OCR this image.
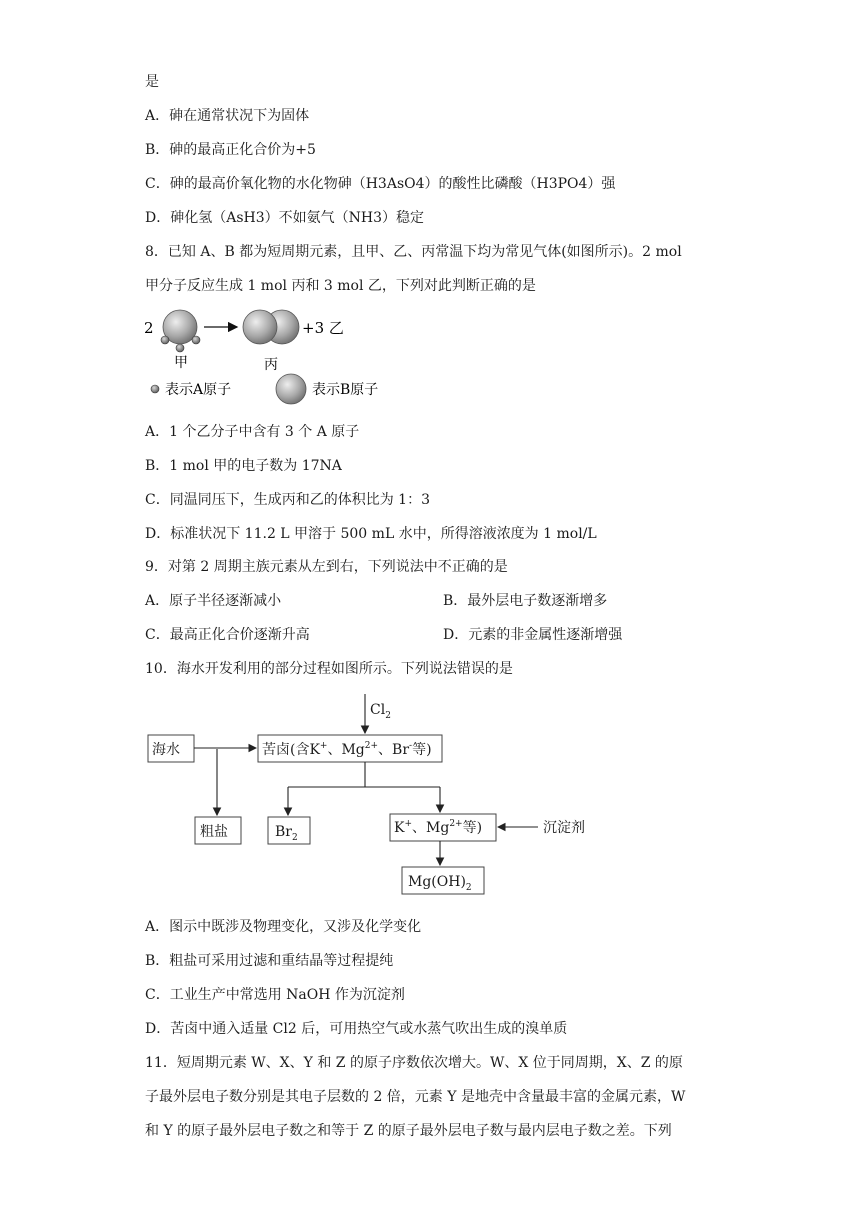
是
A．砷在通常状况下为固体
B．砷的最高正化合价为+5
C．砷的最高价氧化物的水化物砷（H3AsO4）的酸性比磷酸（H3PO4）强
D．砷化氢（AsH3）不如氨气（NH3）稳定
8．已知 A、B 都为短周期元素，且甲、乙、丙常温下均为常见气体(如图所示)。2 mol
甲分子反应生成 1 mol 丙和 3 mol 乙，下列对此判断正确的是
2	+3 乙
甲	丙
表示A原子	表示B原子
A．1 个乙分子中含有 3 个 A 原子
B．1 mol 甲的电子数为 17NA
C．同温同压下，生成丙和乙的体积比为 1：3
D．标准状况下 11.2 L 甲溶于 500 mL 水中，所得溶液浓度为 1 mol/L
9．对第 2 周期主族元素从左到右，下列说法中不正确的是
A．原子半径逐渐减小	B．最外层电子数逐渐增多
C．最高正化合价逐渐升高	D．元素的非金属性逐渐增强
10．海水开发利用的部分过程如图所示。下列说法错误的是
海水
$Cl_2$
苦卤(含K+、$Mg^{2+}$、Br-等)
粗盐	$Br_2$
K+、$Mg^{2+}$等)	沉淀剂
$Mg(OH)_2$
A．图示中既涉及物理变化，又涉及化学变化
B．粗盐可采用过滤和重结晶等过程提纯
C．工业生产中常选用 NaOH 作为沉淀剂
D．苦卤中通入适量 Cl2 后，可用热空气或水蒸气吹出生成的溴单质
11．短周期元素 W、X、Y 和 Z 的原子序数依次增大。W、X 位于同周期，X、Z 的原
子最外层电子数分别是其电子层数的 2 倍，元素 Y 是地壳中含量最丰富的金属元素，W
和 Y 的原子最外层电子数之和等于 Z 的原子最外层电子数与最内层电子数之差。下列
